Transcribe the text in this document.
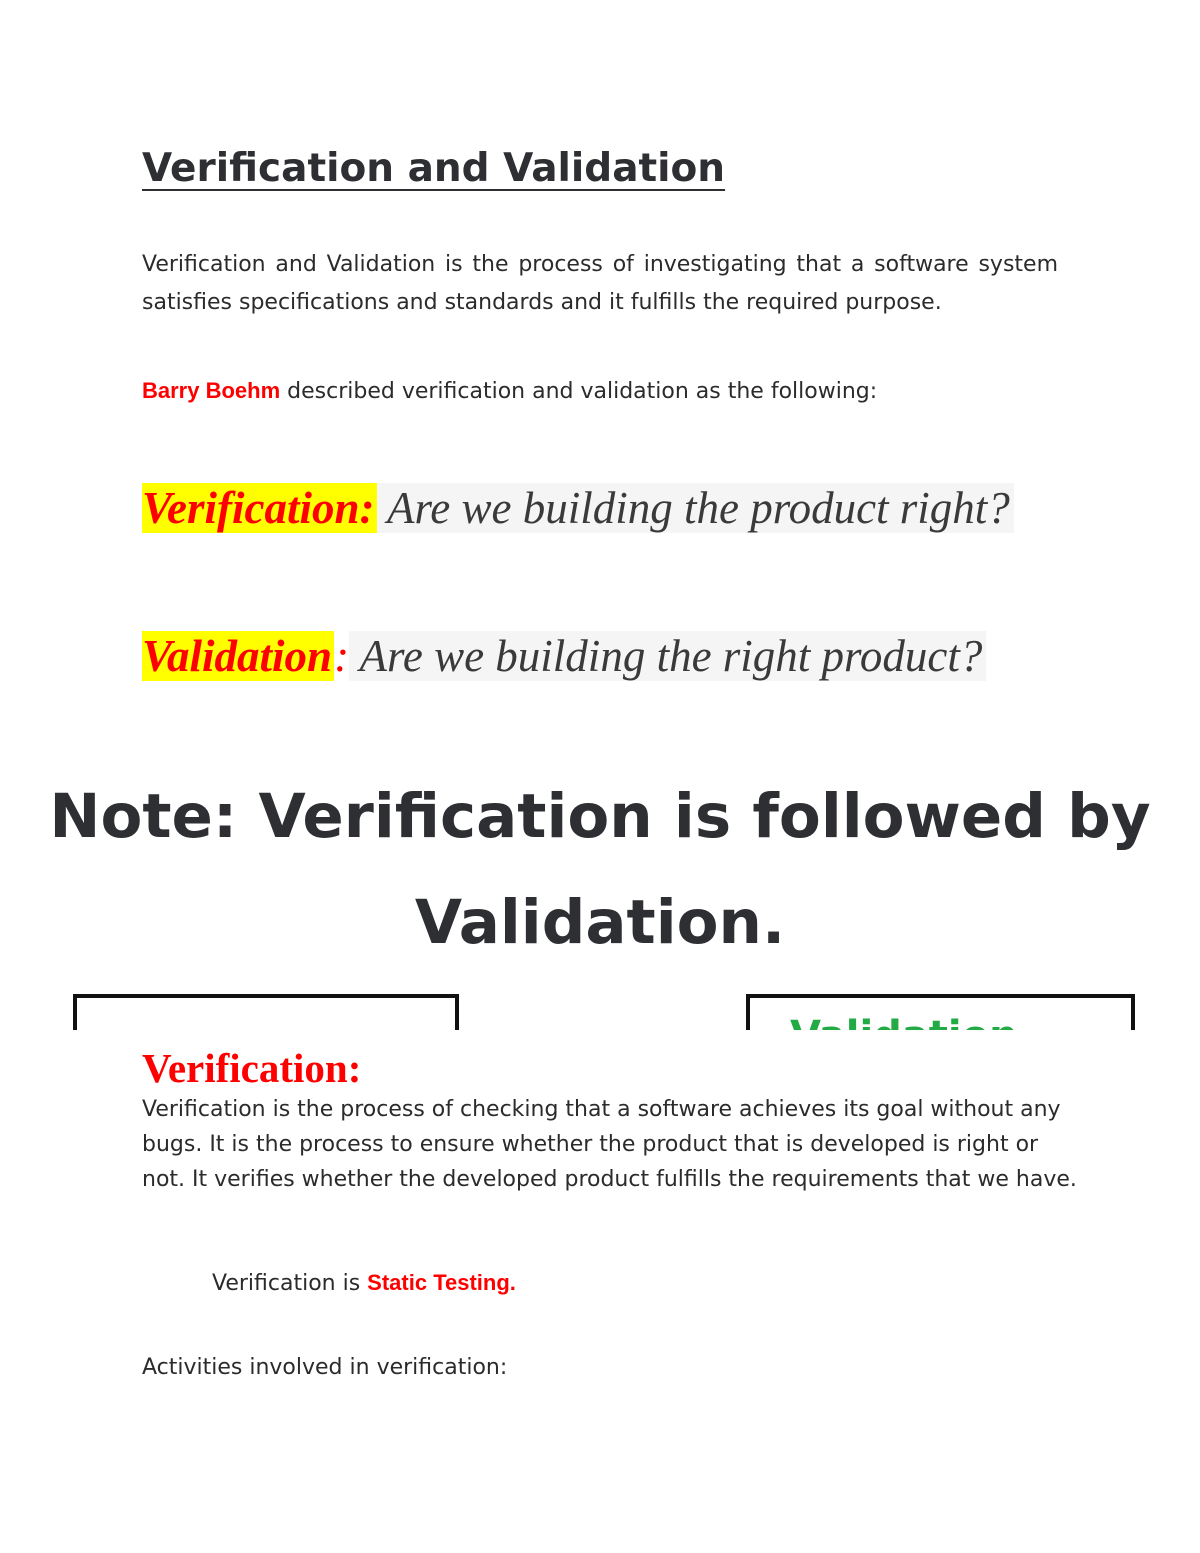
Verification and Validation

Verification and Validation is the process of investigating that a software system satisfies specifications and standards and it fulfills the required purpose.

Barry Boehm described verification and validation as the following:

Verification: Are we building the product right?

Validation: Are we building the right product?

Note: Verification is followed by Validation.
Verification:

Verification is the process of checking that a software achieves its goal without any bugs. It is the process to ensure whether the product that is developed is right or not. It verifies whether the developed product fulfills the requirements that we have.

Verification is Static Testing.

Activities involved in verification:
